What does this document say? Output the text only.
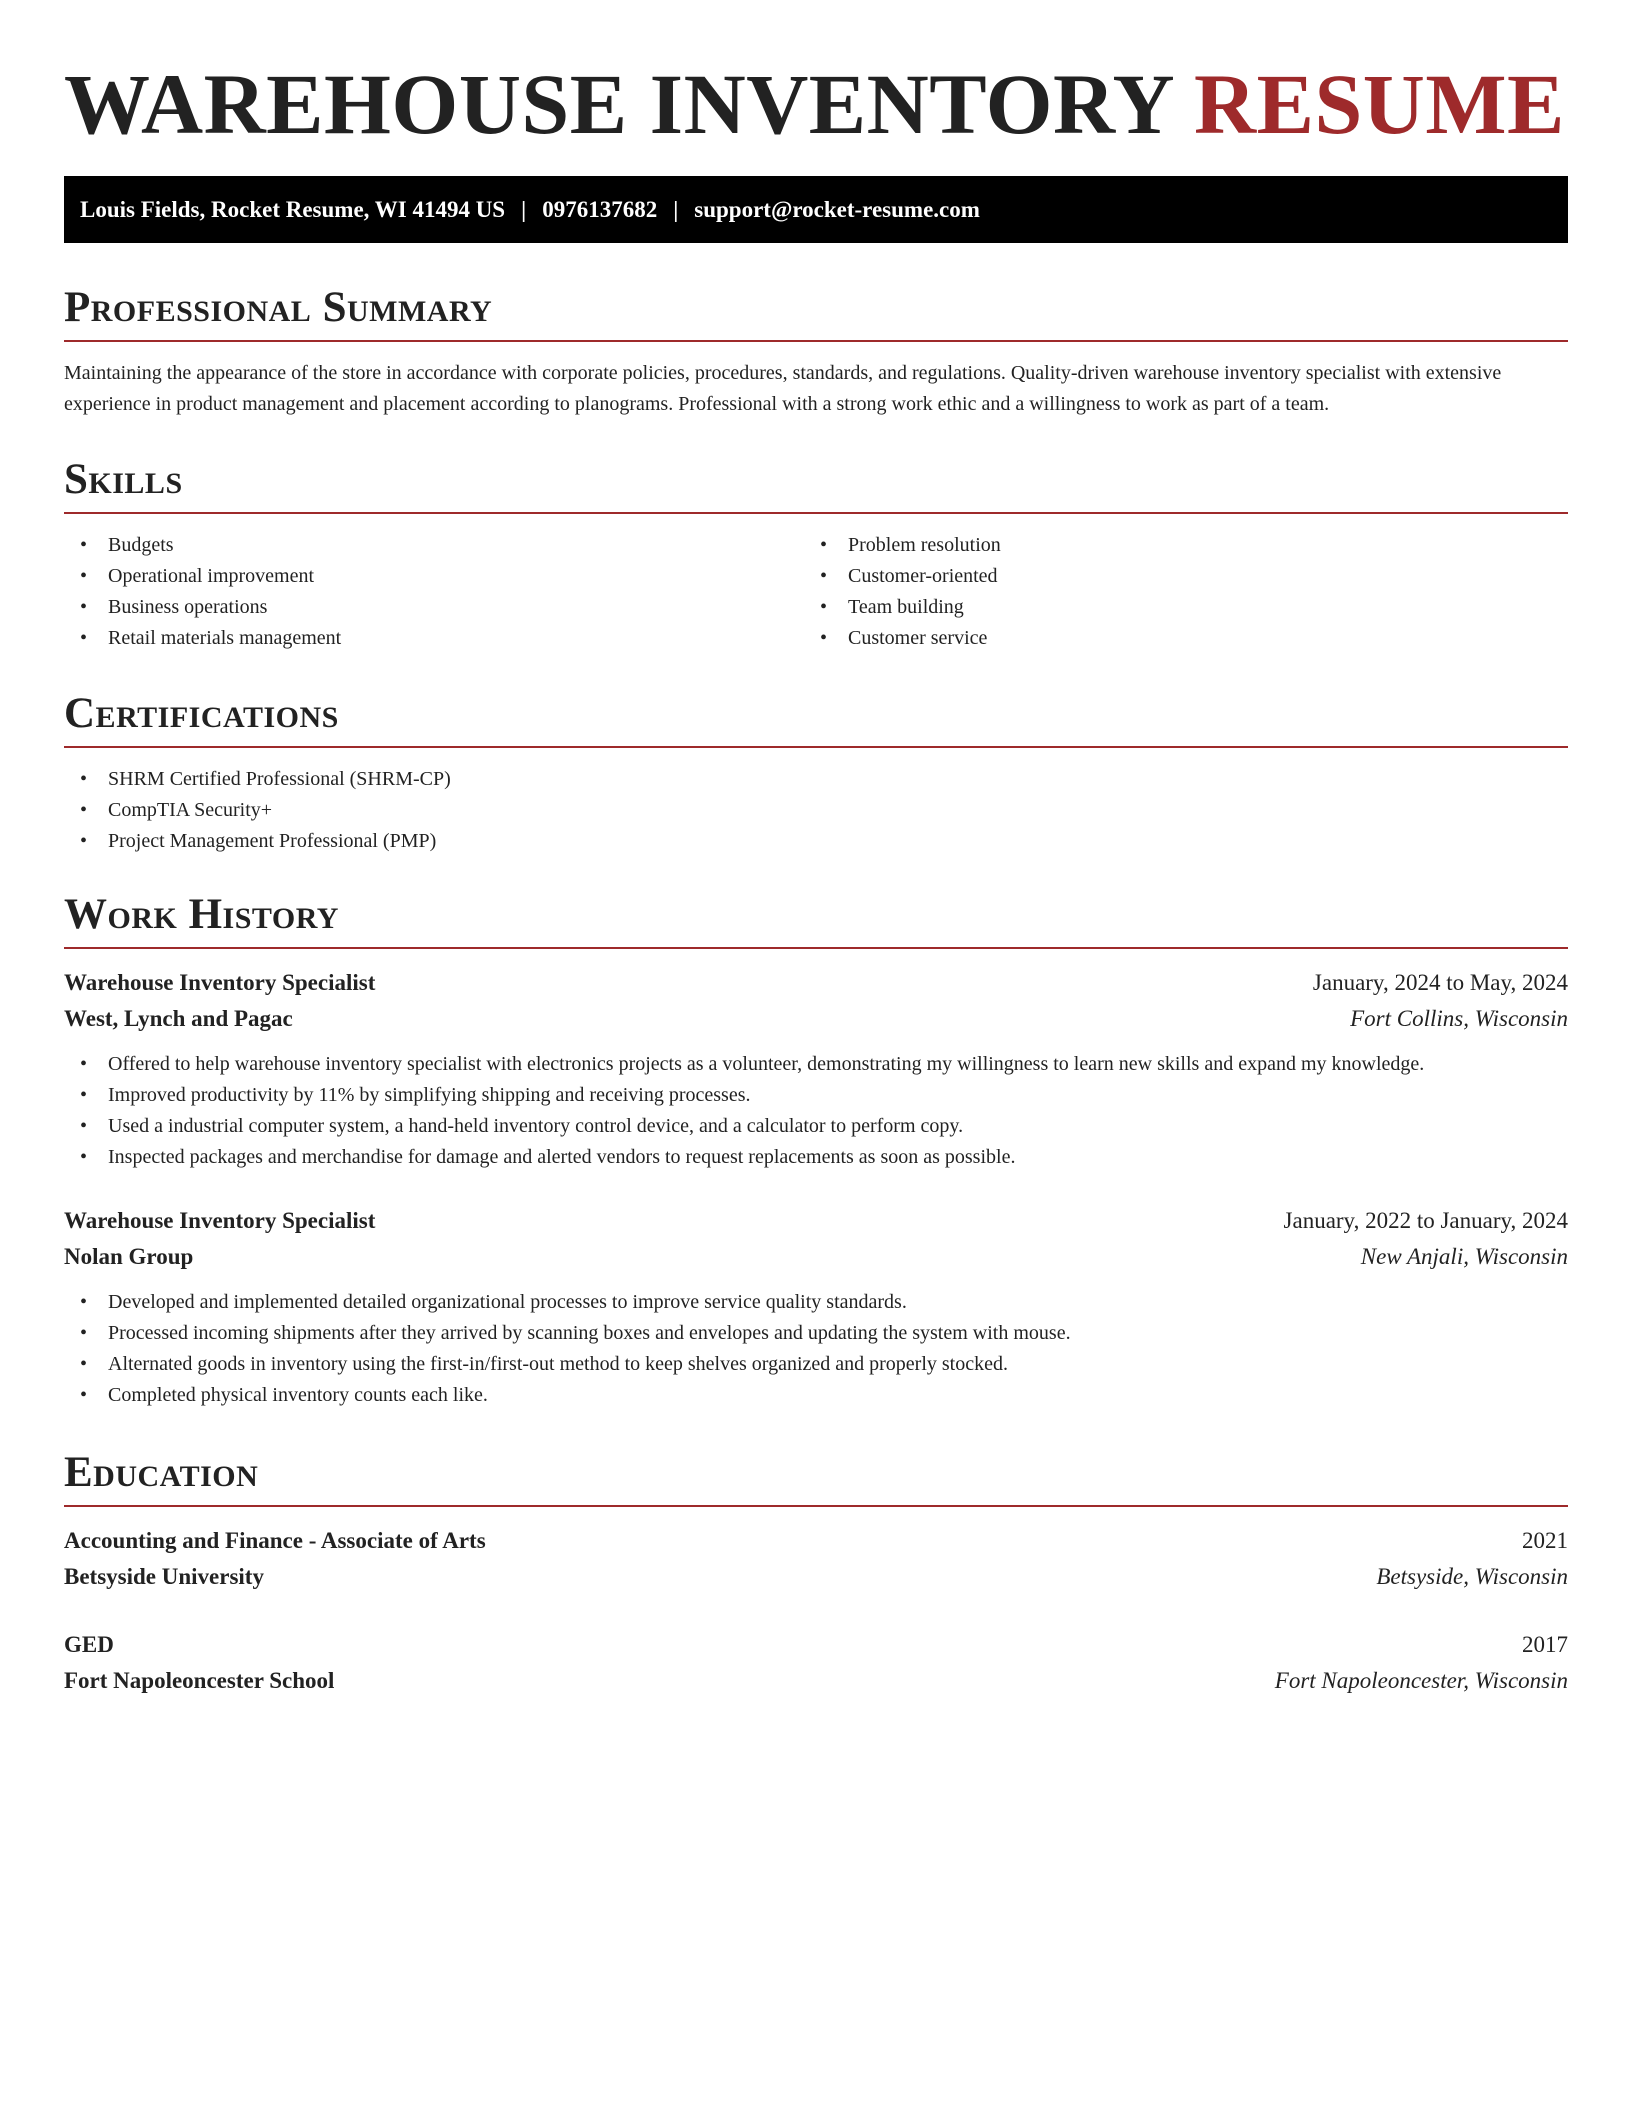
WAREHOUSE INVENTORY RESUME
Louis Fields, Rocket Resume, WI 41494 US | 0976137682 | support@rocket-resume.com
Professional Summary

Maintaining the appearance of the store in accordance with corporate policies, procedures, standards, and regulations. Quality-driven warehouse inventory specialist with extensive experience in product management and placement according to planograms. Professional with a strong work ethic and a willingness to work as part of a team.

Skills
• Budgets
• Operational improvement
• Business operations
• Retail materials management
• Problem resolution
• Customer-oriented
• Team building
• Customer service
Certifications
• SHRM Certified Professional (SHRM-CP)
• CompTIA Security+
• Project Management Professional (PMP)
Work History
Warehouse Inventory Specialist	January, 2024 to May, 2024
West, Lynch and Pagac	Fort Collins, Wisconsin
• Offered to help warehouse inventory specialist with electronics projects as a volunteer, demonstrating my willingness to learn new skills and expand my knowledge.
• Improved productivity by 11% by simplifying shipping and receiving processes.
• Used a industrial computer system, a hand-held inventory control device, and a calculator to perform copy.
• Inspected packages and merchandise for damage and alerted vendors to request replacements as soon as possible.
Warehouse Inventory Specialist	January, 2022 to January, 2024
Nolan Group	New Anjali, Wisconsin
• Developed and implemented detailed organizational processes to improve service quality standards.
• Processed incoming shipments after they arrived by scanning boxes and envelopes and updating the system with mouse.
• Alternated goods in inventory using the first-in/first-out method to keep shelves organized and properly stocked.
• Completed physical inventory counts each like.
Education
Accounting and Finance - Associate of Arts	2021
Betsyside University	Betsyside, Wisconsin
GED	2017
Fort Napoleoncester School	Fort Napoleoncester, Wisconsin
